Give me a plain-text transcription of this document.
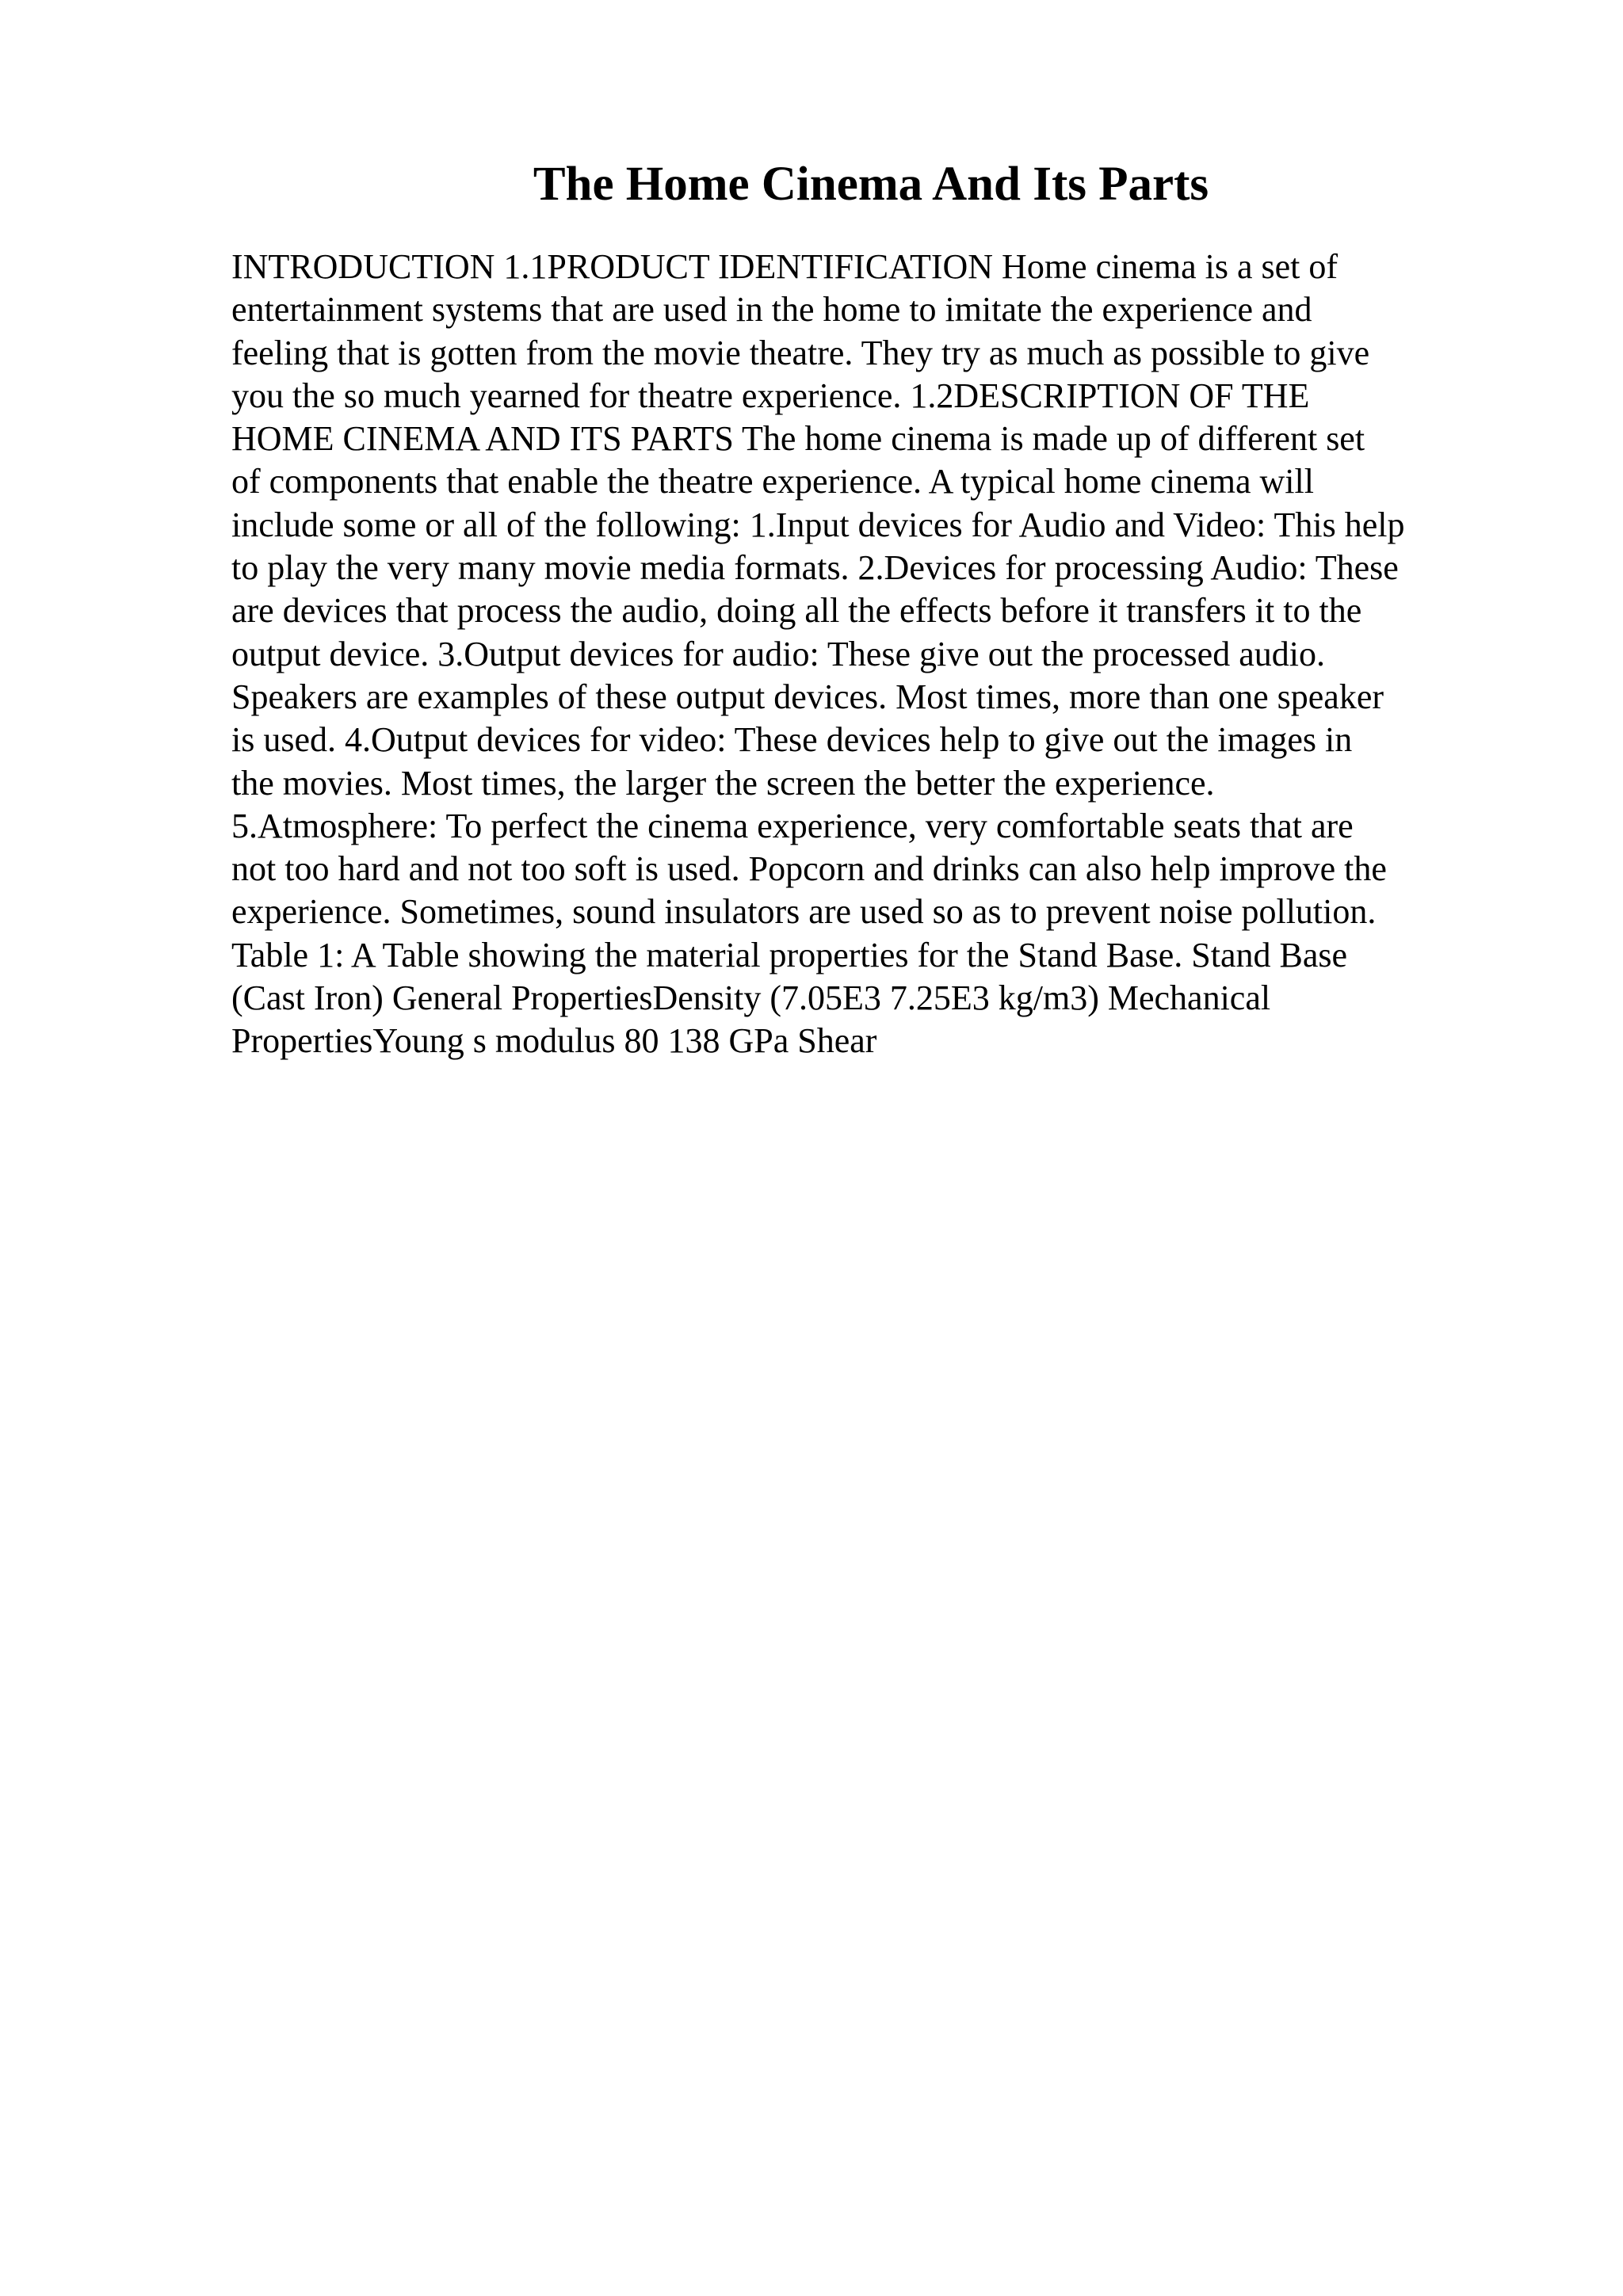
The Home Cinema And Its Parts
INTRODUCTION 1.1PRODUCT IDENTIFICATION Home cinema is a set of
entertainment systems that are used in the home to imitate the experience and
feeling that is gotten from the movie theatre. They try as much as possible to give
you the so much yearned for theatre experience. 1.2DESCRIPTION OF THE
HOME CINEMA AND ITS PARTS The home cinema is made up of different set
of components that enable the theatre experience. A typical home cinema will
include some or all of the following: 1.Input devices for Audio and Video: This help
to play the very many movie media formats. 2.Devices for processing Audio: These
are devices that process the audio, doing all the effects before it transfers it to the
output device. 3.Output devices for audio: These give out the processed audio.
Speakers are examples of these output devices. Most times, more than one speaker
is used. 4.Output devices for video: These devices help to give out the images in
the movies. Most times, the larger the screen the better the experience.
5.Atmosphere: To perfect the cinema experience, very comfortable seats that are
not too hard and not too soft is used. Popcorn and drinks can also help improve the
experience. Sometimes, sound insulators are used so as to prevent noise pollution.
Table 1: A Table showing the material properties for the Stand Base. Stand Base
(Cast Iron) General PropertiesDensity (7.05E3 7.25E3 kg/m3) Mechanical
PropertiesYoung s modulus 80 138 GPa Shear
